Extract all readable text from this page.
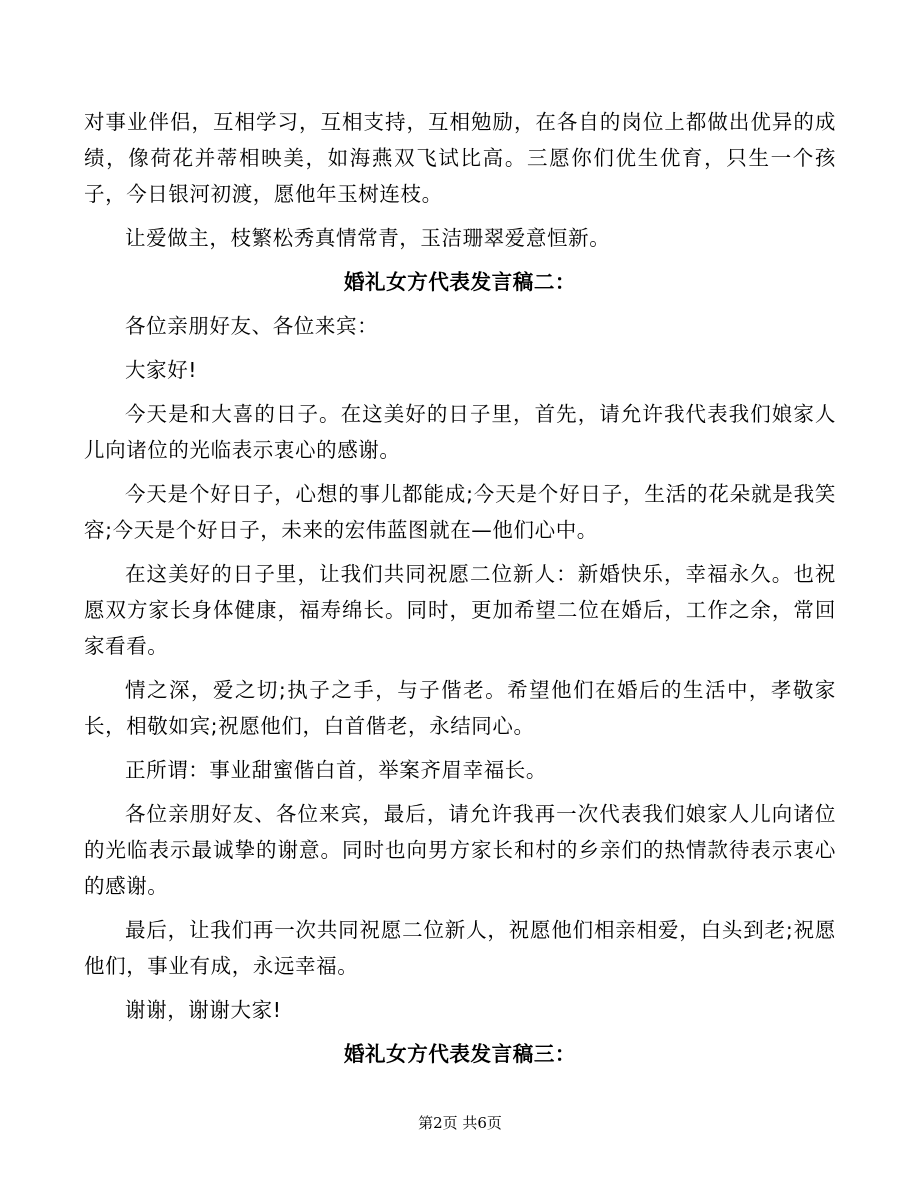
对事业伴侣，互相学习，互相支持，互相勉励，在各自的岗位上都做出优异的成绩，像荷花并蒂相映美，如海燕双飞试比高。三愿你们优生优育，只生一个孩子，今日银河初渡，愿他年玉树连枝。

让爱做主，枝繁松秀真情常青，玉洁珊翠爱意恒新。

婚礼女方代表发言稿二：

各位亲朋好友、各位来宾：

大家好!

今天是和大喜的日子。在这美好的日子里，首先，请允许我代表我们娘家人儿向诸位的光临表示衷心的感谢。

今天是个好日子，心想的事儿都能成;今天是个好日子，生活的花朵就是我笑容;今天是个好日子，未来的宏伟蓝图就在—他们心中。

在这美好的日子里，让我们共同祝愿二位新人：新婚快乐，幸福永久。也祝愿双方家长身体健康，福寿绵长。同时，更加希望二位在婚后，工作之余，常回家看看。

情之深，爱之切;执子之手，与子偕老。希望他们在婚后的生活中，孝敬家长，相敬如宾;祝愿他们，白首偕老，永结同心。

正所谓：事业甜蜜偕白首，举案齐眉幸福长。

各位亲朋好友、各位来宾，最后，请允许我再一次代表我们娘家人儿向诸位的光临表示最诚挚的谢意。同时也向男方家长和村的乡亲们的热情款待表示衷心的感谢。

最后，让我们再一次共同祝愿二位新人，祝愿他们相亲相爱，白头到老;祝愿他们，事业有成，永远幸福。

谢谢，谢谢大家!

婚礼女方代表发言稿三：
第2页 共6页
